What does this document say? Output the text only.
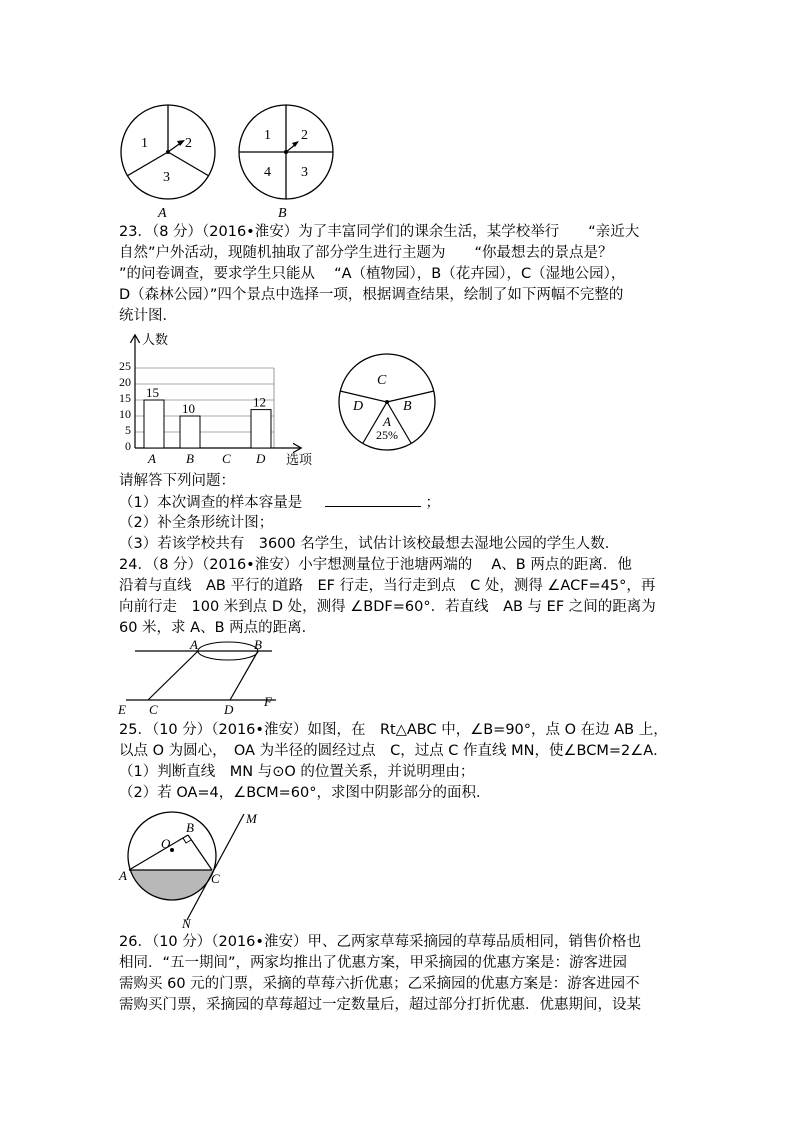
1	2
3
A
1 2
4 3
B
23．（8 分）（2016•淮安）为了丰富同学们的课余生活，某学校举行　　“亲近大
自然”户外活动，现随机抽取了部分学生进行主题为　　“你最想去的景点是？
”的问卷调查，要求学生只能从　 “A（植物园），B（花卉园），C（湿地公园），
D（森林公园）”四个景点中选择一项，根据调查结果，绘制了如下两幅不完整的
统计图．
人数
选项
25
20
15
10
5
0
15
10	12
A B C D
C
D	B
A
25%
请解答下列问题：
（1）本次调查的样本容量是	；
（2）补全条形统计图；
（3）若该学校共有　3600 名学生，试估计该校最想去湿地公园的学生人数．
24．（8 分）（2016•淮安）小宇想测量位于池塘两端的　 A、B 两点的距离．他
沿着与直线　AB 平行的道路　EF 行走，当行走到点　C 处，测得 ∠ACF=45°，再
向前行走　100 米到点 D 处，测得 ∠BDF=60°．若直线　AB 与 EF 之间的距离为
60 米，求 A、B 两点的距离．
A	B
E C	D
F
25．（10 分）（2016•淮安）如图，在　Rt△ABC 中，∠B=90°，点 O 在边 AB 上，
以点 O 为圆心，　OA 为半径的圆经过点　C，过点 C 作直线 MN，使∠BCM=2∠A．
（1）判断直线　MN 与⊙O 的位置关系，并说明理由；
（2）若 OA=4，∠BCM=60°，求图中阴影部分的面积．
M
B
O
A	C
N
26．（10 分）（2016•淮安）甲、乙两家草莓采摘园的草莓品质相同，销售价格也
相同．“五一期间”，两家均推出了优惠方案，甲采摘园的优惠方案是：游客进园
需购买 60 元的门票，采摘的草莓六折优惠；乙采摘园的优惠方案是：游客进园不
需购买门票，采摘园的草莓超过一定数量后，超过部分打折优惠．优惠期间，设某
